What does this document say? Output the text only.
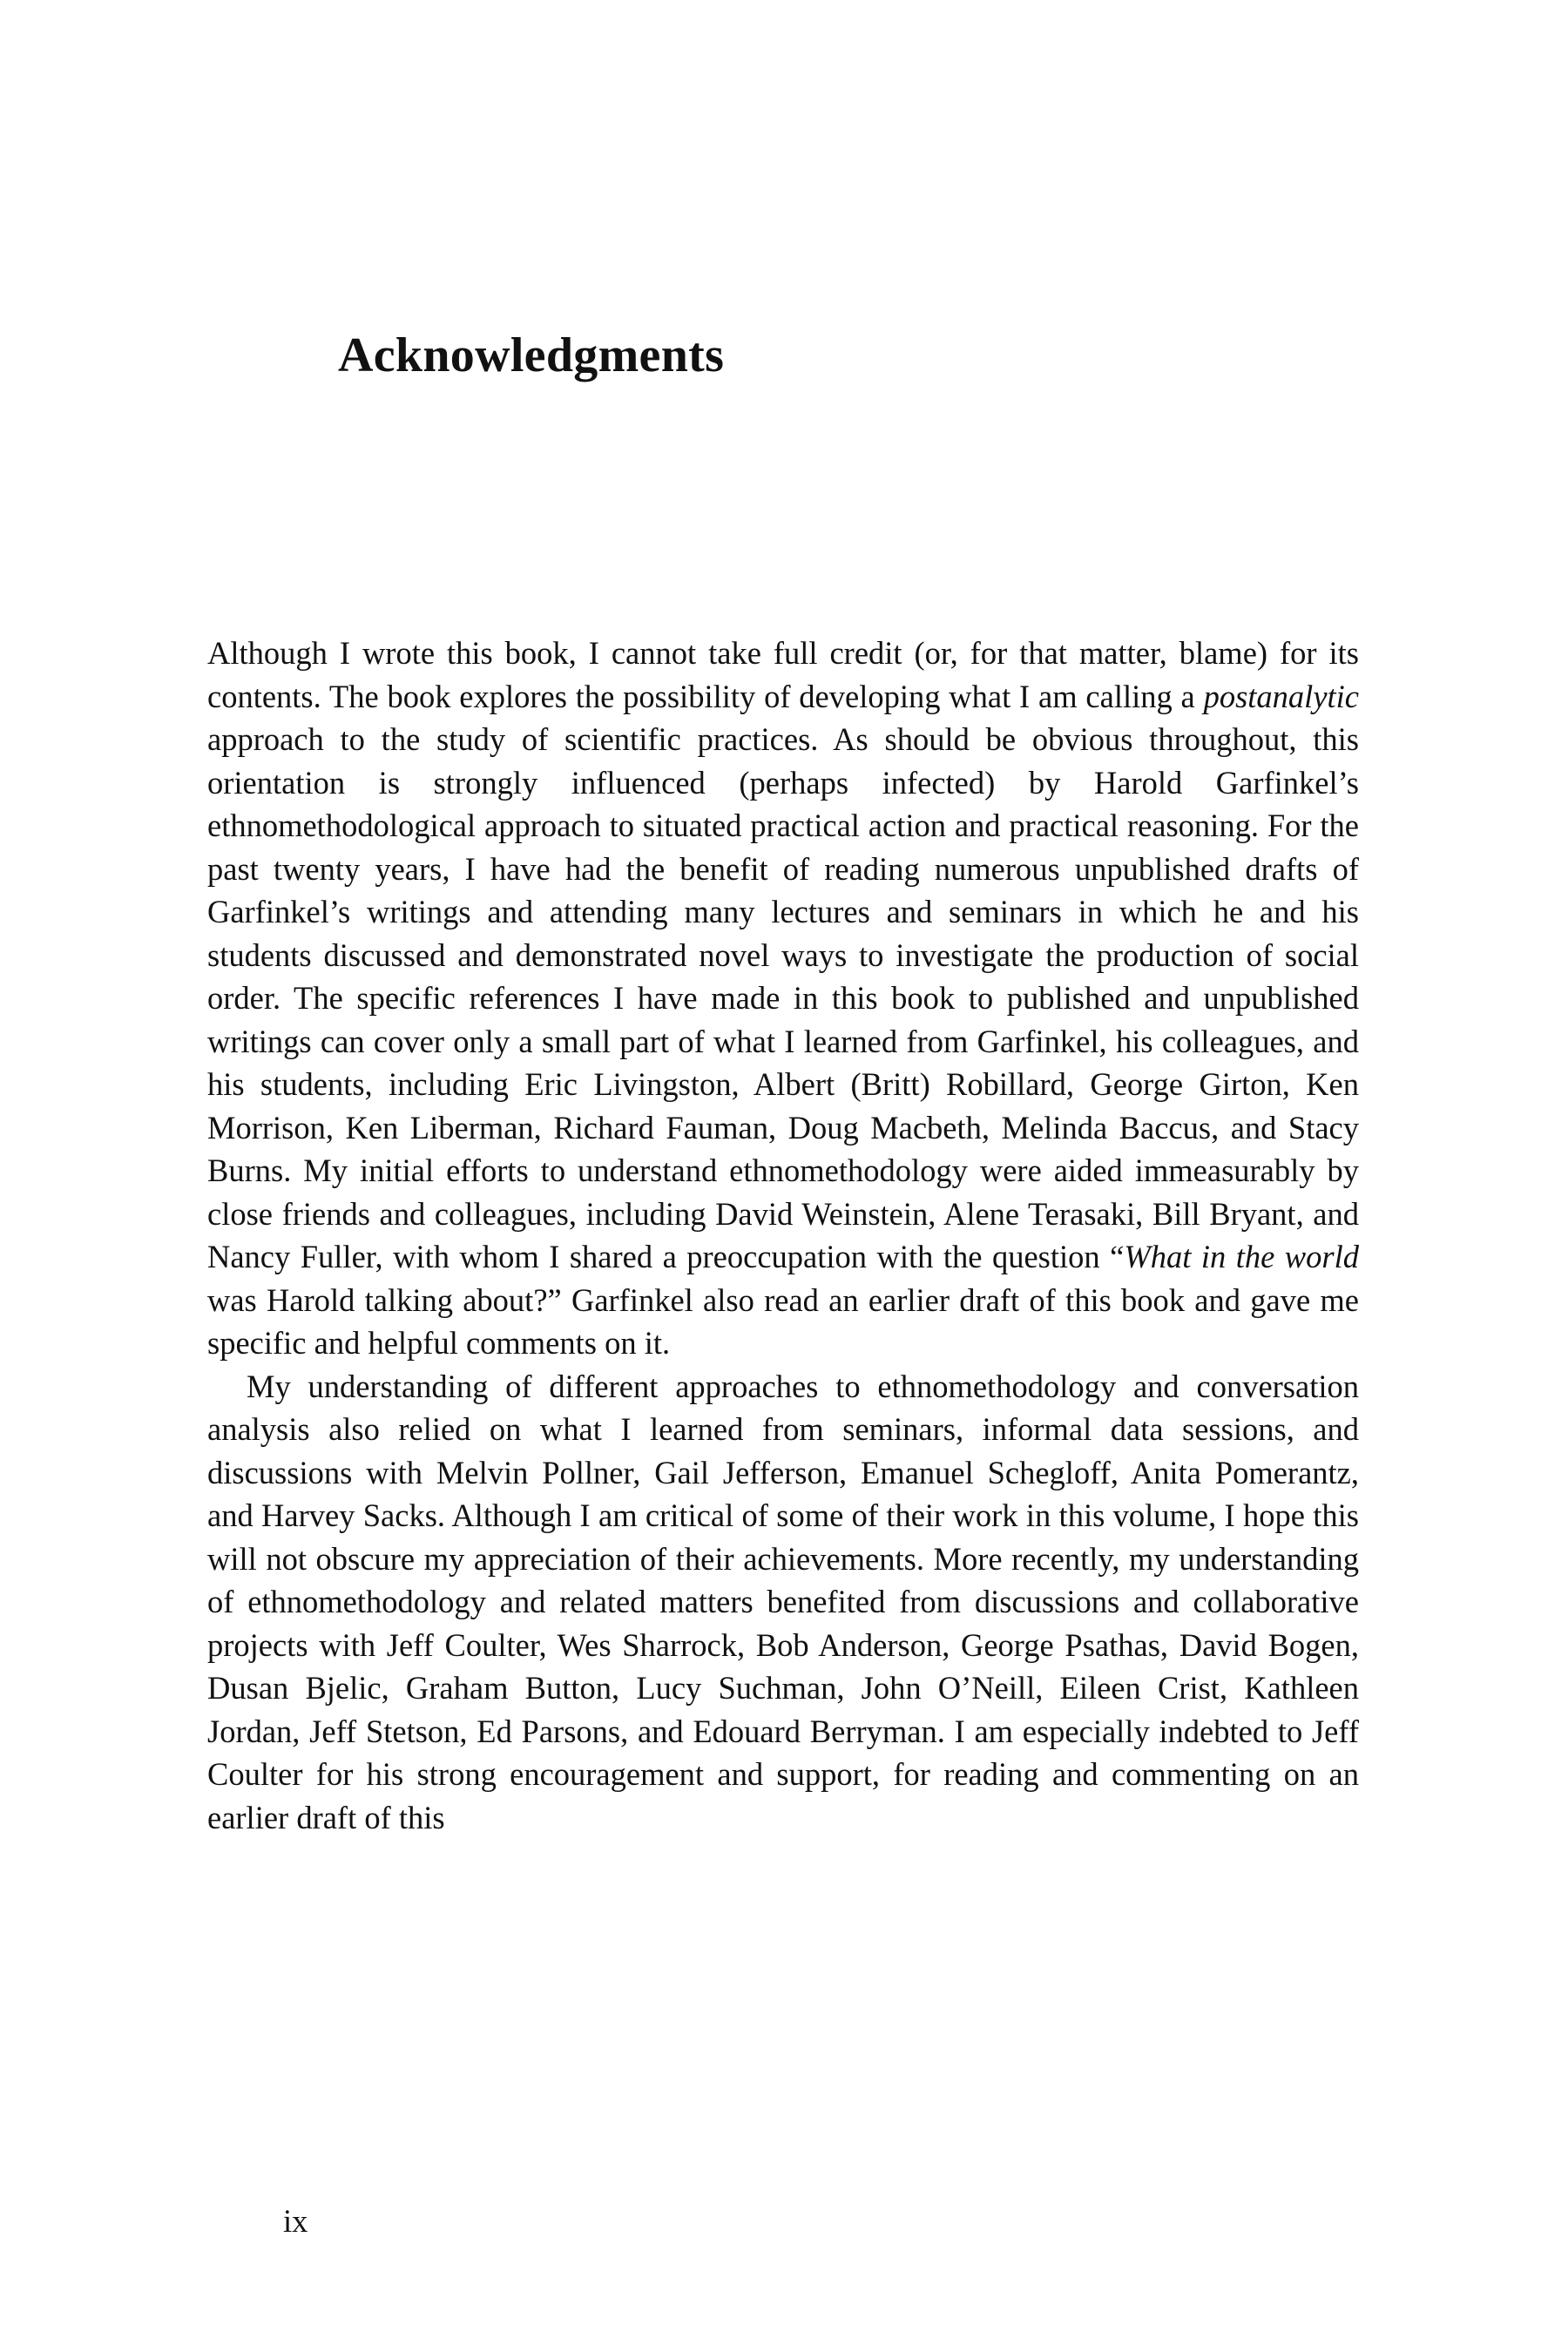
Acknowledgments

Although I wrote this book, I cannot take full credit (or, for that matter, blame) for its contents. The book explores the possibility of developing what I am calling a postanalytic approach to the study of scientific practices. As should be obvious throughout, this orientation is strongly influenced (perhaps infected) by Harold Garfinkel’s ethnomethodological approach to situated practical action and practical reasoning. For the past twenty years, I have had the benefit of reading numerous unpublished drafts of Garfinkel’s writings and attending many lectures and seminars in which he and his students discussed and demonstrated novel ways to investigate the production of social order. The specific references I have made in this book to published and unpublished writings can cover only a small part of what I learned from Garfinkel, his colleagues, and his students, including Eric Livingston, Albert (Britt) Robillard, George Girton, Ken Morrison, Ken Liberman, Richard Fauman, Doug Macbeth, Melinda Baccus, and Stacy Burns. My initial efforts to understand ethnomethodology were aided immeasurably by close friends and colleagues, including David Weinstein, Alene Terasaki, Bill Bryant, and Nancy Fuller, with whom I shared a preoccupation with the question “What in the world was Harold talking about?” Garfinkel also read an earlier draft of this book and gave me specific and helpful comments on it.

My understanding of different approaches to ethnomethodology and conversation analysis also relied on what I learned from seminars, informal data sessions, and discussions with Melvin Pollner, Gail Jefferson, Emanuel Schegloff, Anita Pomerantz, and Harvey Sacks. Although I am critical of some of their work in this volume, I hope this will not obscure my appreciation of their achievements. More recently, my understanding of ethnomethodology and related matters benefited from discussions and collaborative projects with Jeff Coulter, Wes Sharrock, Bob Anderson, George Psathas, David Bogen, Dusan Bjelic, Graham Button, Lucy Suchman, John O’Neill, Eileen Crist, Kathleen Jordan, Jeff Stetson, Ed Parsons, and Edouard Berryman. I am especially indebted to Jeff Coulter for his strong encouragement and support, for reading and commenting on an earlier draft of this

ix
